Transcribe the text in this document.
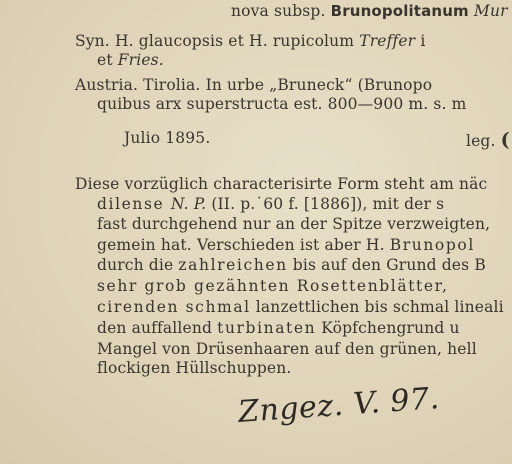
nova subsp. Brunopolitanum Mur
Syn. H. glaucopsis et H. rupicolum Treffer i
et Fries.
Austria. Tirolia. In urbe „Bruneck“ (Brunopo
quibus arx superstructa est. 800—900 m. s. m
Julio 1895.	leg. (
Diese vorzüglich characterisirte Form steht am näc
dilense N. P. (II. p.˙60 f. [1886]), mit der s
fast durchgehend nur an der Spitze verzweigten,
gemein hat. Verschieden ist aber H. Brunopol
durch die zahlreichen bis auf den Grund des B
sehr grob gezähnten Rosettenblätter,
cirenden schmal lanzettlichen bis schmal lineali
den auffallend turbinaten Köpfchengrund u
Mangel von Drüsenhaaren auf den grünen, hell
flockigen Hüllschuppen.
Zngez. V. 97.
